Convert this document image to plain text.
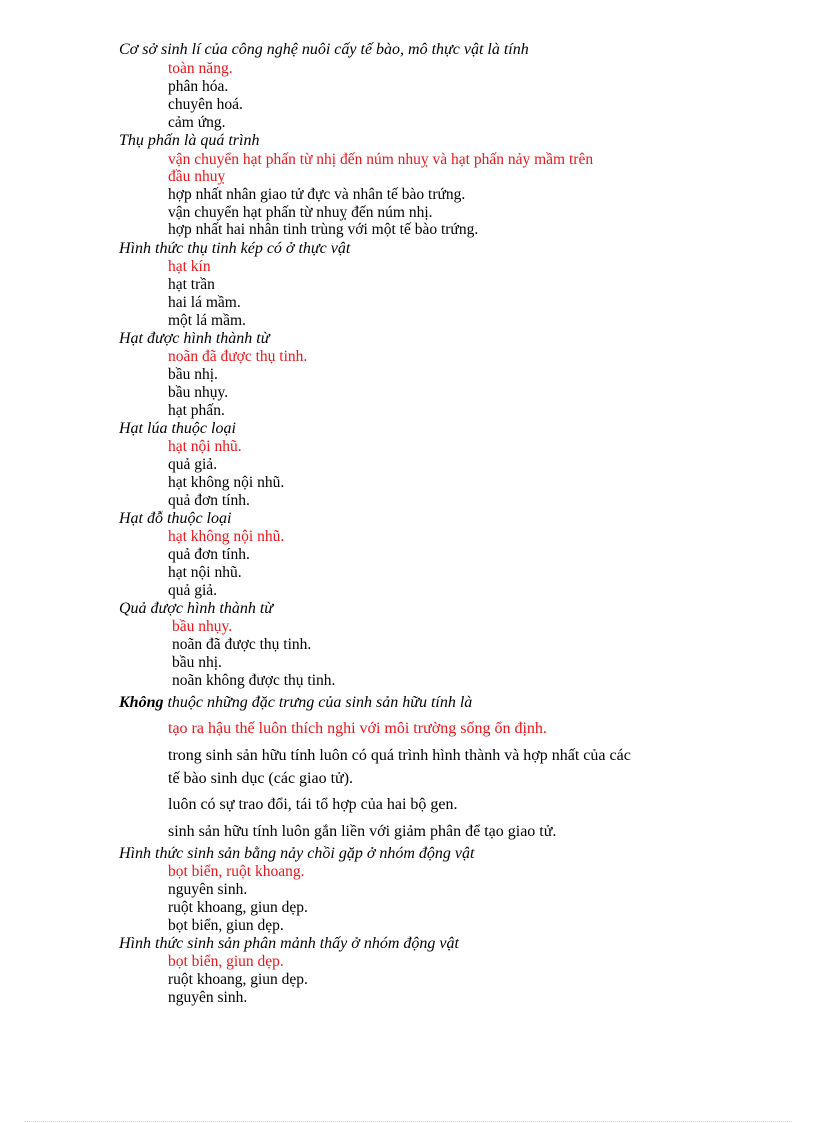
Cơ sở sinh lí của công nghệ nuôi cấy tế bào, mô thực vật là tính

toàn năng.

phân hóa.

chuyên hoá.

cảm ứng.

Thụ phấn là quá trình

vận chuyển hạt phấn từ nhị đến núm nhuỵ và hạt phấn nảy mầm trên

đầu nhuỵ

hợp nhất nhân giao tử đực và nhân tế bào trứng.

vận chuyển hạt phấn từ nhuỵ đến núm nhị.

hợp nhất hai nhân tinh trùng với một tế bào trứng.

Hình thức thụ tinh kép có ở thực vật

hạt kín

hạt trần

hai lá mầm.

một lá mầm.

Hạt được hình thành từ

noãn đã được thụ tinh.

bầu nhị.

bầu nhụy.

hạt phấn.

Hạt lúa thuộc loại

hạt nội nhũ.

quả giả.

hạt không nội nhũ.

quả đơn tính.

Hạt đỗ thuộc loại

hạt không nội nhũ.

quả đơn tính.

hạt nội nhũ.

quả giả.

Quả được hình thành từ

bầu nhụy.

noãn đã được thụ tinh.

bầu nhị.

noãn không được thụ tinh.

Không thuộc những đặc trưng của sinh sản hữu tính là

tạo ra hậu thế luôn thích nghi với môi trường sống ổn định.

trong sinh sản hữu tính luôn có quá trình hình thành và hợp nhất của các

tế bào sinh dục (các giao tử).

luôn có sự trao đổi, tái tổ hợp của hai bộ gen.

sinh sản hữu tính luôn gắn liền với giảm phân để tạo giao tử.

Hình thức sinh sản bằng nảy chồi gặp ở nhóm động vật

bọt biển, ruột khoang.

nguyên sinh.

ruột khoang, giun dẹp.

bọt biển, giun dẹp.

Hình thức sinh sản phân mảnh thấy ở nhóm động vật

bọt biển, giun dẹp.

ruột khoang, giun dẹp.

nguyên sinh.
